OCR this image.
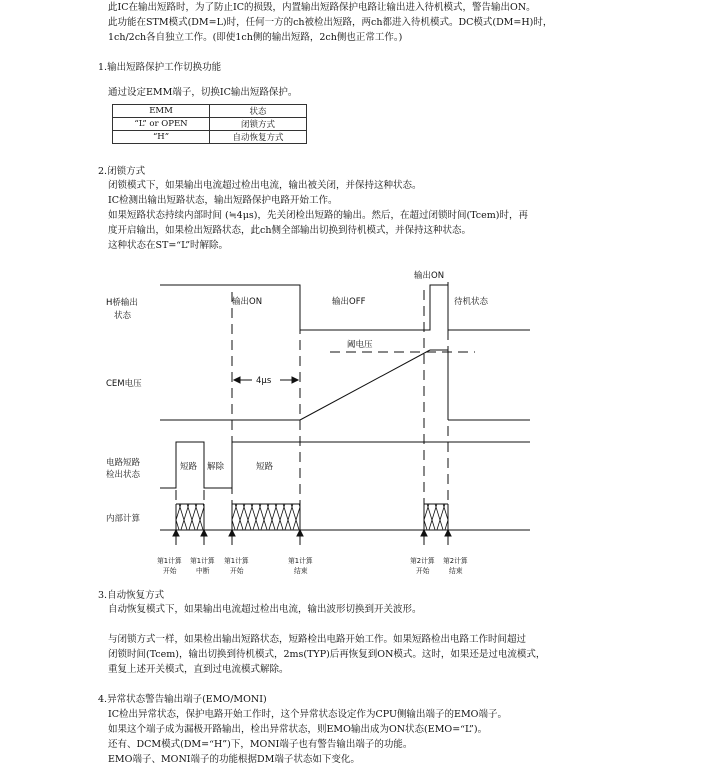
此IC在输出短路时，为了防止IC的损毁，内置输出短路保护电路让输出进入待机模式，警告输出ON。
此功能在STM模式(DM=L)时，任何一方的ch被检出短路，两ch都进入待机模式。DC模式(DM=H)时，
1ch/2ch各自独立工作。(即使1ch侧的输出短路，2ch侧也正常工作。)
1.输出短路保护工作切换功能
通过设定EMM端子，切换IC输出短路保护。
EMM	状态
“L” or OPEN	闭锁方式
“H”	自动恢复方式
2.闭锁方式
闭锁模式下，如果输出电流超过检出电流，输出被关闭，并保持这种状态。
IC检测出输出短路状态，输出短路保护电路开始工作。
如果短路状态持续内部时间 (≒4μs)，先关闭检出短路的输出。然后，在超过闭锁时间(Tcem)时，再
度开启输出，如果检出短路状态，此ch侧全部输出切换到待机模式，并保持这种状态。
这种状态在ST=“L”时解除。
3.自动恢复方式
自动恢复模式下，如果输出电流超过检出电流，输出波形切换到开关波形。
与闭锁方式一样，如果检出输出短路状态，短路检出电路开始工作。如果短路检出电路工作时间超过
闭锁时间(Tcem)，输出切换到待机模式，2ms(TYP)后再恢复到ON模式。这时，如果还是过电流模式，
重复上述开关模式，直到过电流模式解除。
4.异常状态警告输出端子(EMO/MONI)
IC检出异常状态，保护电路开始工作时，这个异常状态设定作为CPU侧输出端子的EMO端子。
如果这个端子成为漏极开路输出，检出异常状态，则EMO输出成为ON状态(EMO=“L”)。
还有、DCM模式(DM=“H”)下，MONI端子也有警告输出端子的功能。
EMO端子、MONI端子的功能根据DM端子状态如下变化。
H桥输出
状态
CEM电压
电路短路
检出状态
内部计算
输出ON
输出ON	输出OFF	待机状态
阈电压
4μs
短路 解除	短路
第1计算
开始
第1计算
中断
第1计算
开始
第1计算
结束
第2计算
开始
第2计算
结束
